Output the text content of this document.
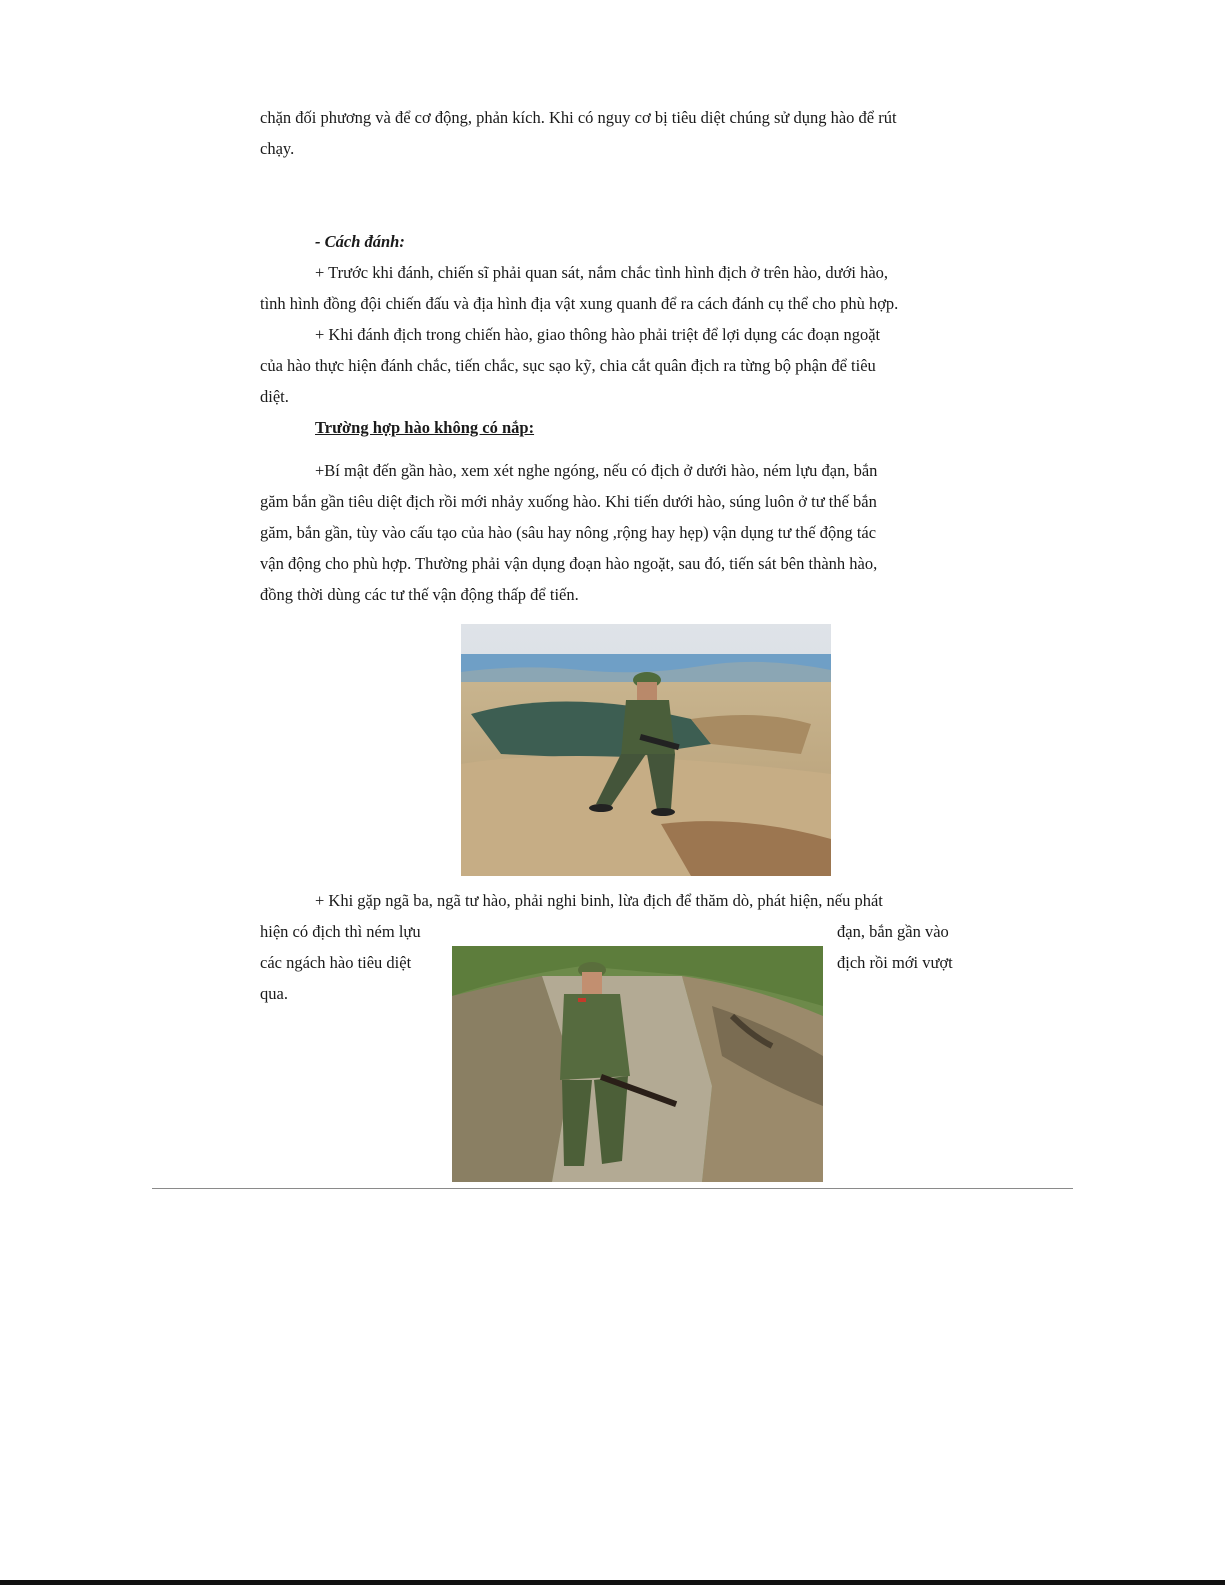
chặn đối phương và để cơ động, phản kích. Khi có nguy cơ bị tiêu diệt chúng sử dụng hào để rút
chạy.
- Cách đánh:
+ Trước khi đánh, chiến sĩ phải quan sát, nắm chắc tình hình địch ở trên hào, dưới hào,
tình hình đồng đội chiến đấu và địa hình địa vật xung quanh để ra cách đánh cụ thể cho phù hợp.
+ Khi đánh địch trong chiến hào, giao thông hào phải triệt để lợi dụng các đoạn ngoặt
của hào thực hiện đánh chắc, tiến chắc, sục sạo kỹ, chia cắt quân địch ra từng bộ phận để tiêu
diệt.
Trường hợp hào không có nắp:
+Bí mật đến gần hào, xem xét nghe ngóng, nếu có địch ở dưới hào, ném lựu đạn, bắn
găm bắn gần tiêu diệt địch rồi mới nhảy xuống hào. Khi tiến dưới hào, súng luôn ở tư thế bắn
găm, bắn gần, tùy vào cấu tạo của hào (sâu hay nông ,rộng hay hẹp) vận dụng tư thế động tác
vận động cho phù hợp. Thường phải vận dụng đoạn hào ngoặt, sau đó, tiến sát bên thành hào,
đồng thời dùng các tư thế vận động thấp để tiến.
+ Khi gặp ngã ba, ngã tư hào, phải nghi binh, lừa địch để thăm dò, phát hiện, nếu phát
hiện có địch thì ném lựu
các ngách hào tiêu diệt
qua.
đạn, bắn gần vào
địch rồi mới vượt
